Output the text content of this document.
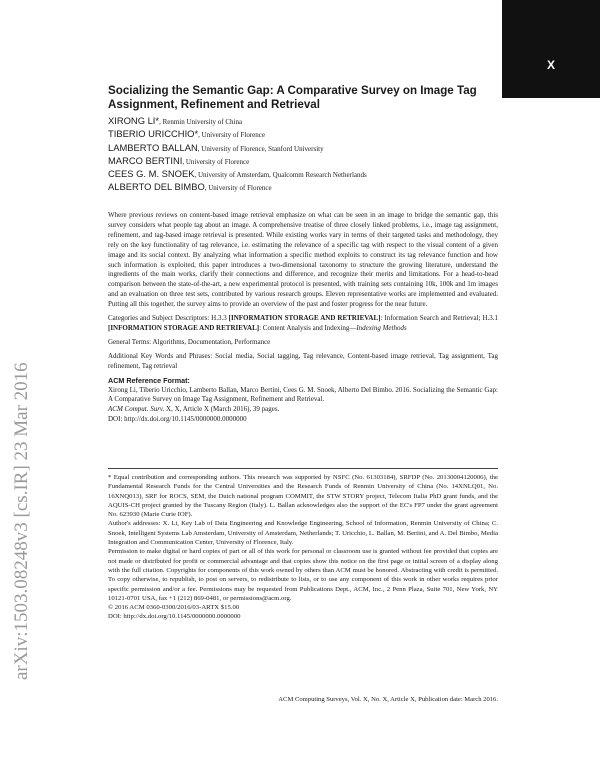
X
arXiv:1503.08248v3 [cs.IR] 23 Mar 2016
Socializing the Semantic Gap: A Comparative Survey on Image Tag Assignment, Refinement and Retrieval
XIRONG LI*, Renmin University of China
TIBERIO URICCHIO*, University of Florence
LAMBERTO BALLAN, University of Florence, Stanford University
MARCO BERTINI, University of Florence
CEES G. M. SNOEK, University of Amsterdam, Qualcomm Research Netherlands
ALBERTO DEL BIMBO, University of Florence

Where previous reviews on content-based image retrieval emphasize on what can be seen in an image to bridge the semantic gap, this survey considers what people tag about an image. A comprehensive treatise of three closely linked problems, i.e., image tag assignment, refinement, and tag-based image retrieval is presented. While existing works vary in terms of their targeted tasks and methodology, they rely on the key functionality of tag relevance, i.e. estimating the relevance of a specific tag with respect to the visual content of a given image and its social context. By analyzing what information a specific method exploits to construct its tag relevance function and how such information is exploited, this paper introduces a two-dimensional taxonomy to structure the growing literature, understand the ingredients of the main works, clarify their connections and difference, and recognize their merits and limitations. For a head-to-head comparison between the state-of-the-art, a new experimental protocol is presented, with training sets containing 10k, 100k and 1m images and an evaluation on three test sets, contributed by various research groups. Eleven representative works are implemented and evaluated. Putting all this together, the survey aims to provide an overview of the past and foster progress for the near future.

Categories and Subject Descriptors: H.3.3 [INFORMATION STORAGE AND RETRIEVAL]: Information Search and Retrieval; H.3.1 [INFORMATION STORAGE AND RETRIEVAL]: Content Analysis and Indexing—Indexing Methods

General Terms: Algorithms, Documentation, Performance

Additional Key Words and Phrases: Social media, Social tagging, Tag relevance, Content-based image retrieval, Tag assignment, Tag refinement, Tag retrieval

ACM Reference Format:

Xirong Li, Tiberio Uricchio, Lamberto Ballan, Marco Bertini, Cees G. M. Snoek, Alberto Del Bimbo. 2016. Socializing the Semantic Gap: A Comparative Survey on Image Tag Assignment, Refinement and Retrieval.
ACM Comput. Surv. X, X, Article X (March 2016), 39 pages.
DOI: http://dx.doi.org/10.1145/0000000.0000000

* Equal contribution and corresponding authors. This research was supported by NSFC (No. 61303184), SRFDP (No. 20130004120006), the Fundamental Research Funds for the Central Universities and the Research Funds of Renmin University of China (No. 14XNLQ01, No. 16XNQ013), SRF for ROCS, SEM, the Dutch national program COMMIT, the STW STORY project, Telecom Italia PhD grant funds, and the AQUIS-CH project granted by the Tuscany Region (Italy). L. Ballan acknowledges also the support of the EC's FP7 under the grant agreement No. 623930 (Marie Curie IOF).

Author's addresses: X. Li, Key Lab of Data Engineering and Knowledge Engineering, School of Information, Renmin University of China; C. Snoek, Intelligent Systems Lab Amsterdam, University of Amsterdam, Netherlands; T. Uricchio, L. Ballan, M. Bertini, and A. Del Bimbo, Media Integration and Communication Center, University of Florence, Italy.

Permission to make digital or hard copies of part or all of this work for personal or classroom use is granted without fee provided that copies are not made or distributed for profit or commercial advantage and that copies show this notice on the first page or initial screen of a display along with the full citation. Copyrights for components of this work owned by others than ACM must be honored. Abstracting with credit is permitted. To copy otherwise, to republish, to post on servers, to redistribute to lists, or to use any component of this work in other works requires prior specific permission and/or a fee. Permissions may be requested from Publications Dept., ACM, Inc., 2 Penn Plaza, Suite 701, New York, NY 10121-0701 USA, fax +1 (212) 869-0481, or permissions@acm.org.

© 2016 ACM 0360-0300/2016/03-ARTX $15.00

DOI: http://dx.doi.org/10.1145/0000000.0000000

ACM Computing Surveys, Vol. X, No. X, Article X, Publication date: March 2016.
